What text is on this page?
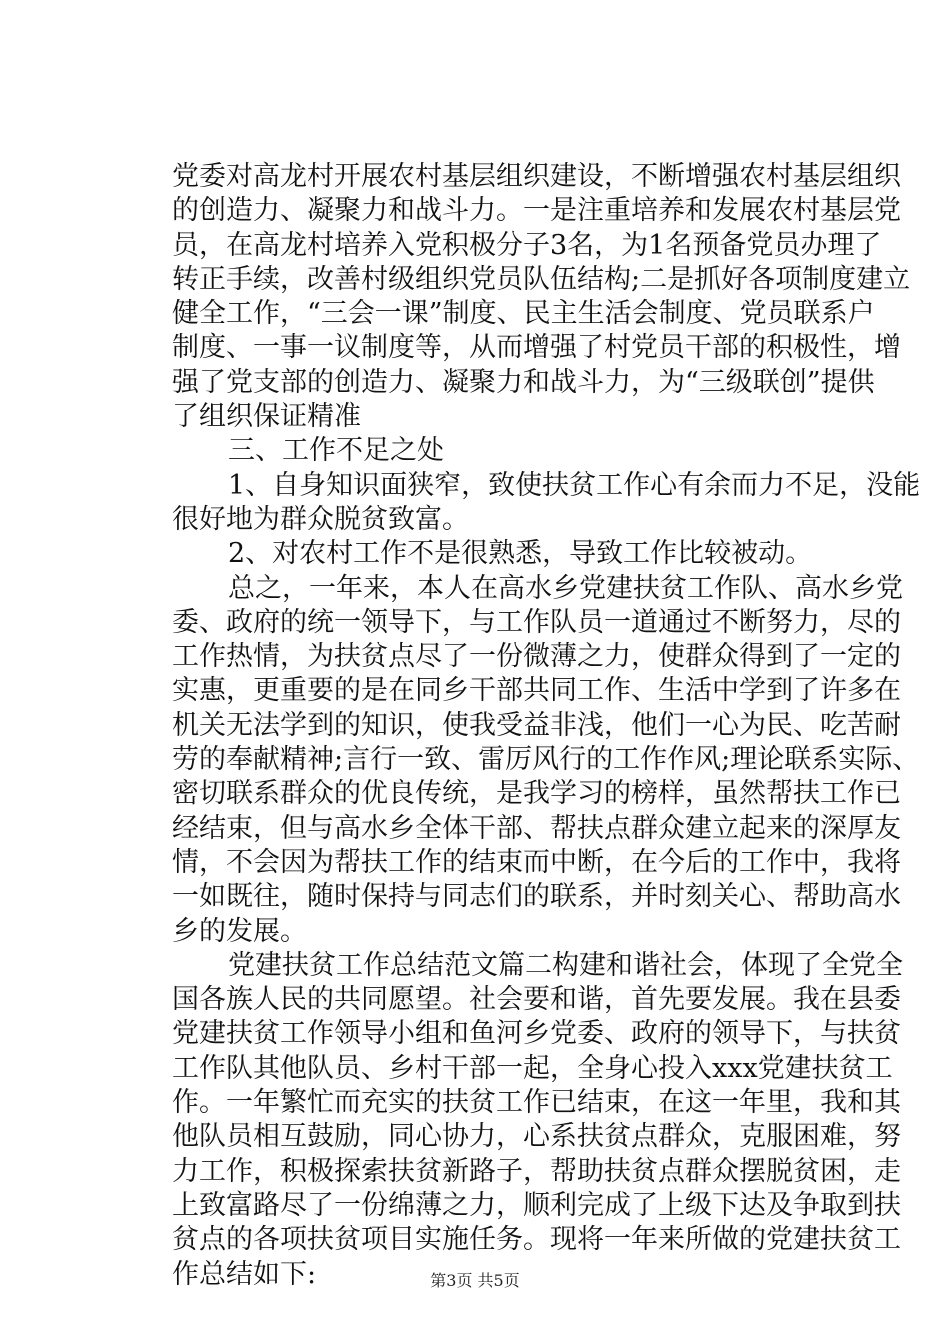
党委对高龙村开展农村基层组织建设，不断增强农村基层组织
的创造力、凝聚力和战斗力。一是注重培养和发展农村基层党
员，在高龙村培养入党积极分子3名，为1名预备党员办理了
转正手续，改善村级组织党员队伍结构;二是抓好各项制度建立
健全工作，“三会一课”制度、民主生活会制度、党员联系户
制度、一事一议制度等，从而增强了村党员干部的积极性，增
强了党支部的创造力、凝聚力和战斗力，为“三级联创”提供
了组织保证精准
三、工作不足之处
1、自身知识面狭窄，致使扶贫工作心有余而力不足，没能
很好地为群众脱贫致富。
2、对农村工作不是很熟悉，导致工作比较被动。
总之，一年来，本人在高水乡党建扶贫工作队、高水乡党
委、政府的统一领导下，与工作队员一道通过不断努力，尽的
工作热情，为扶贫点尽了一份微薄之力，使群众得到了一定的
实惠，更重要的是在同乡干部共同工作、生活中学到了许多在
机关无法学到的知识，使我受益非浅，他们一心为民、吃苦耐
劳的奉献精神;言行一致、雷厉风行的工作作风;理论联系实际、
密切联系群众的优良传统，是我学习的榜样，虽然帮扶工作已
经结束，但与高水乡全体干部、帮扶点群众建立起来的深厚友
情，不会因为帮扶工作的结束而中断，在今后的工作中，我将
一如既往，随时保持与同志们的联系，并时刻关心、帮助高水
乡的发展。
党建扶贫工作总结范文篇二构建和谐社会，体现了全党全
国各族人民的共同愿望。社会要和谐，首先要发展。我在县委
党建扶贫工作领导小组和鱼河乡党委、政府的领导下，与扶贫
工作队其他队员、乡村干部一起，全身心投入xxx党建扶贫工
作。一年繁忙而充实的扶贫工作已结束，在这一年里，我和其
他队员相互鼓励，同心协力，心系扶贫点群众，克服困难，努
力工作，积极探索扶贫新路子，帮助扶贫点群众摆脱贫困，走
上致富路尽了一份绵薄之力，顺利完成了上级下达及争取到扶
贫点的各项扶贫项目实施任务。现将一年来所做的党建扶贫工
作总结如下:	第3页 共5页
